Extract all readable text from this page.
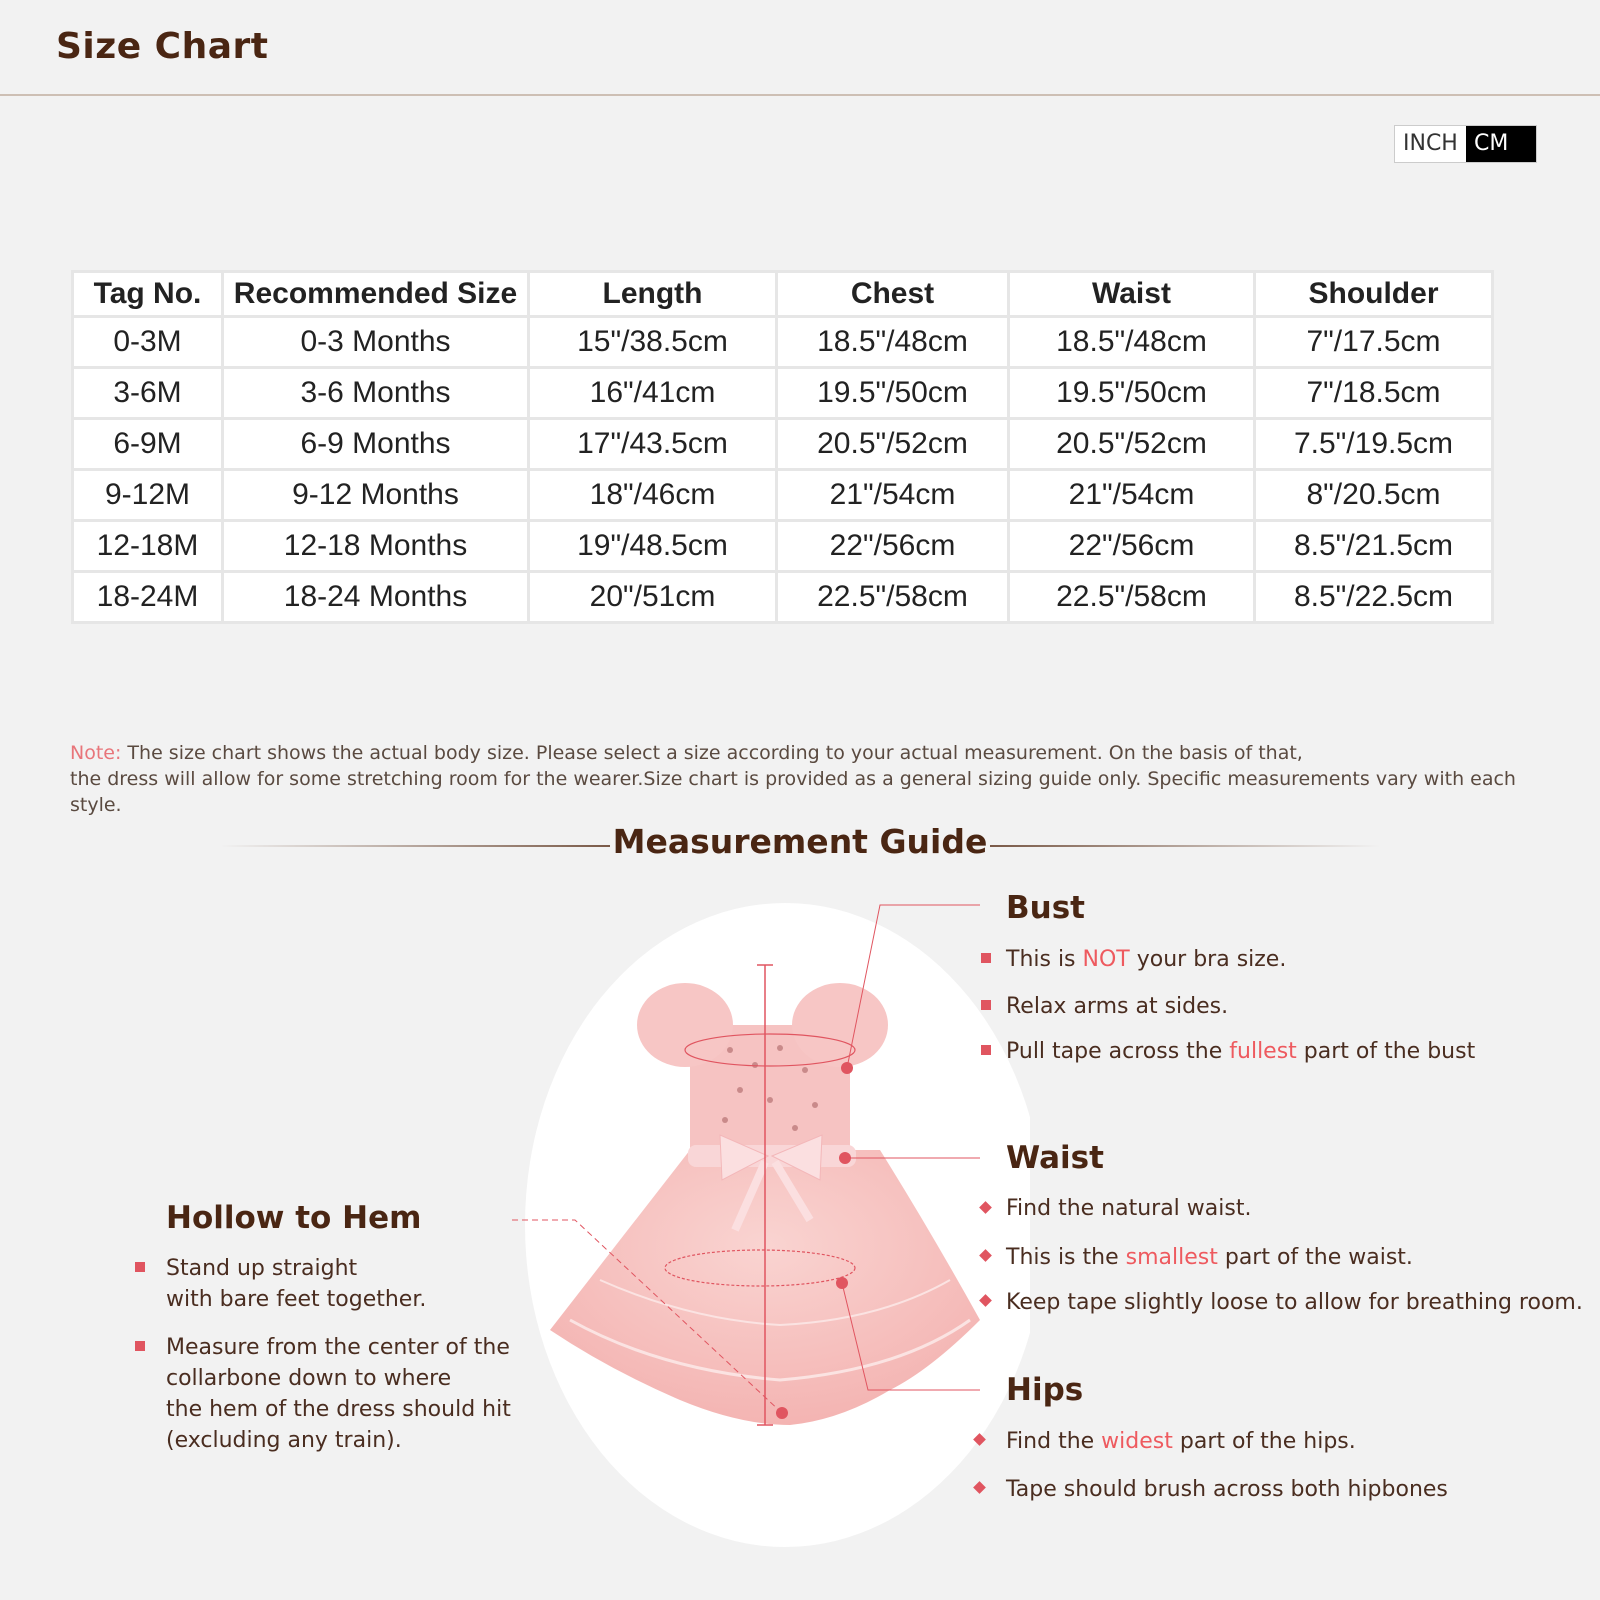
Size Chart
INCH CM
Tag No.	Recommended Size	Length	Chest	Waist	Shoulder
0-3M	0-3 Months	15"/38.5cm	18.5"/48cm	18.5"/48cm	7"/17.5cm
3-6M	3-6 Months	16"/41cm	19.5"/50cm	19.5"/50cm	7"/18.5cm
6-9M	6-9 Months	17"/43.5cm	20.5"/52cm	20.5"/52cm	7.5"/19.5cm
9-12M	9-12 Months	18"/46cm	21"/54cm	21"/54cm	8"/20.5cm
12-18M	12-18 Months	19"/48.5cm	22"/56cm	22"/56cm	8.5"/21.5cm
18-24M	18-24 Months	20"/51cm	22.5"/58cm	22.5"/58cm	8.5"/22.5cm
Note: The size chart shows the actual body size. Please select a size according to your actual measurement. On the basis of that,
the dress will allow for some stretching room for the wearer.Size chart is provided as a general sizing guide only. Specific measurements vary with each style.
Measurement Guide
Bust
This is NOT your bra size.
Relax arms at sides.
Pull tape across the fullest part of the bust
Waist
Find the natural waist.
This is the smallest part of the waist.
Keep tape slightly loose to allow for breathing room.
Hips
Find the widest part of the hips.
Tape should brush across both hipbones
Hollow to Hem
Stand up straight
with bare feet together.
Measure from the center of the
collarbone down to where
the hem of the dress should hit
(excluding any train).
